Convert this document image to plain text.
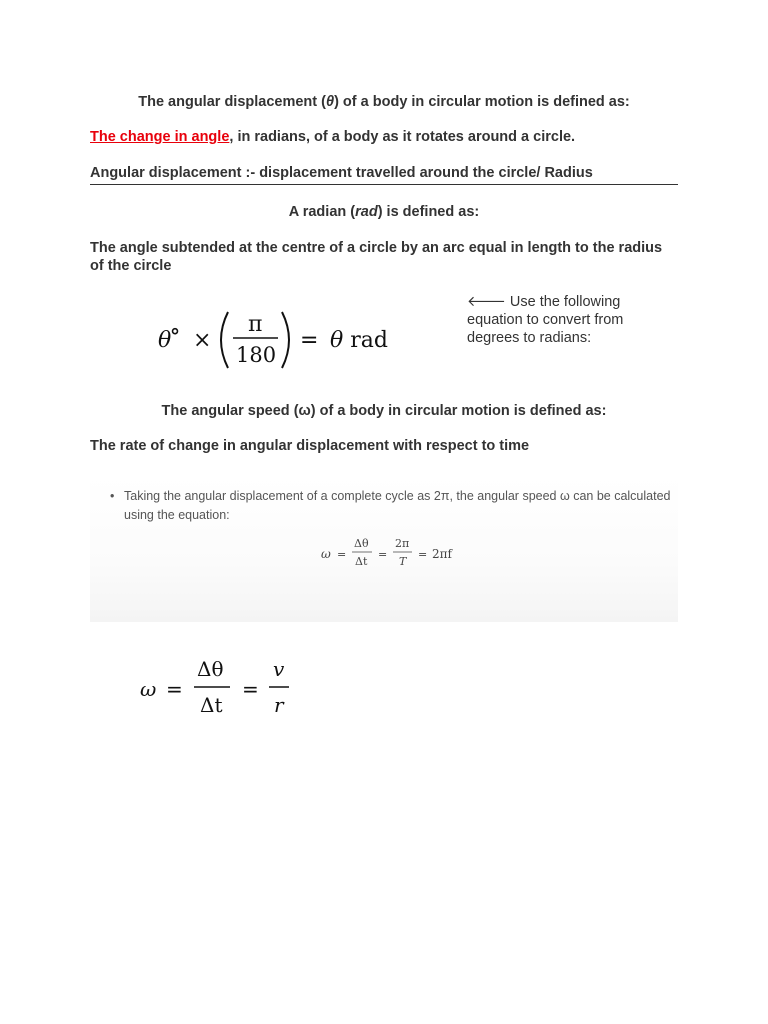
The angular displacement (θ) of a body in circular motion is defined as:
The change in angle, in radians, of a body as it rotates around a circle.
Angular displacement :- displacement travelled around the circle/ Radius
A radian (rad) is defined as:
The angle subtended at the centre of a circle by an arc equal in length to the radius of the circle
θ
° ×
π
180
= θ rad
🡐 Use the following equation to convert from degrees to radians:
The angular speed (ω) of a body in circular motion is defined as:
The rate of change in angular displacement with respect to time
• Taking the angular displacement of a complete cycle as 2π, the angular speed ω can be calculated using the equation:
ω =
Δθ
Δt
=
2π
T
= 2πf
ω =
Δθ
Δt
=
v
r
